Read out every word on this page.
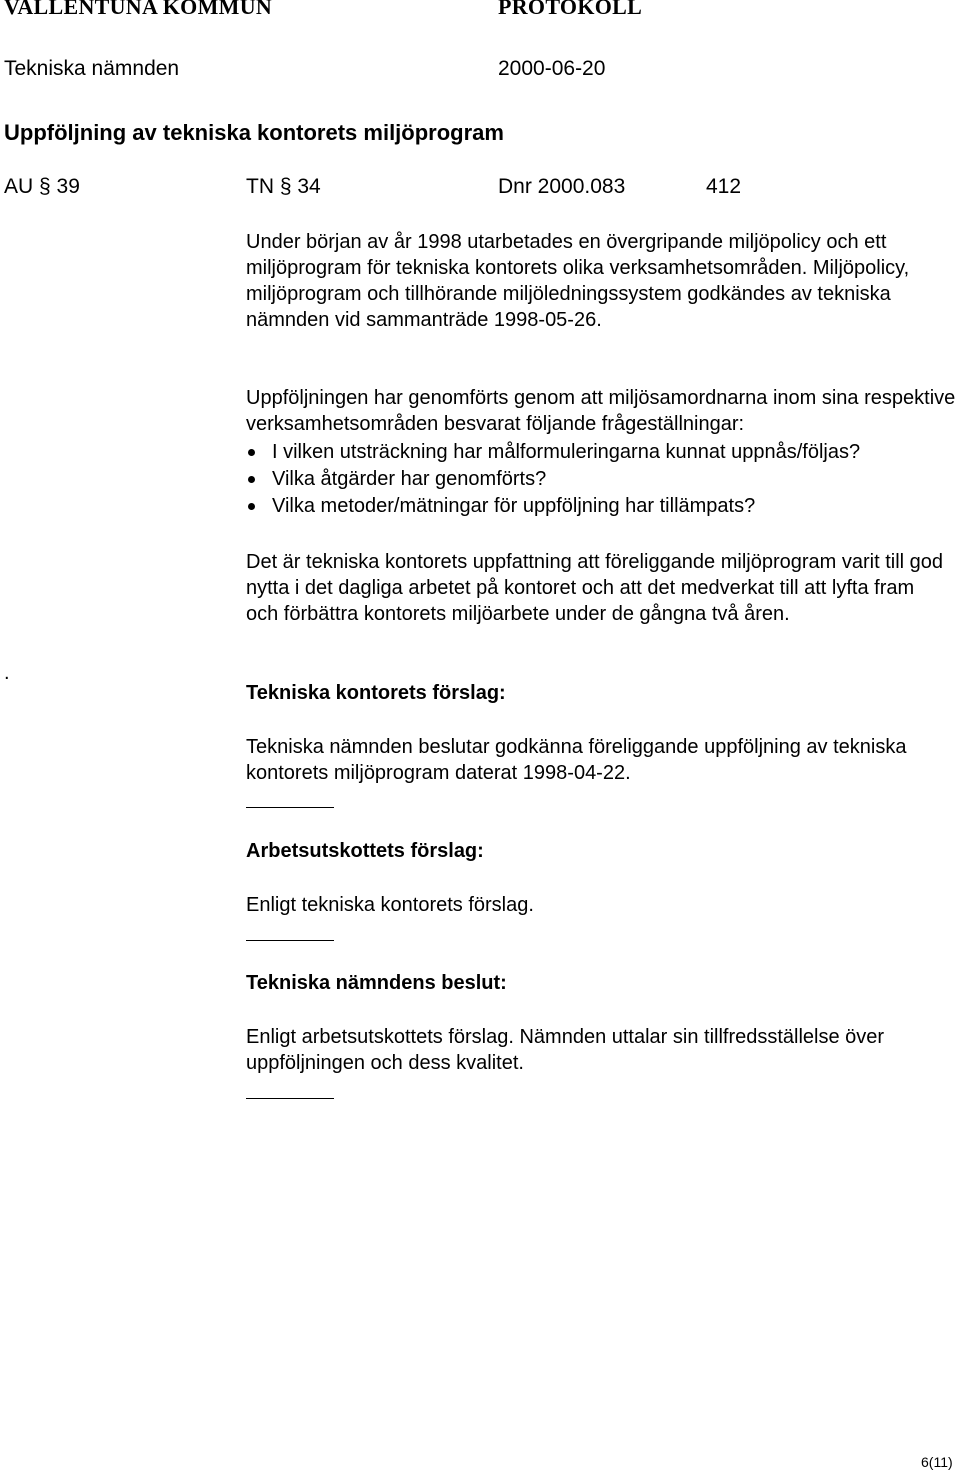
VALLENTUNA KOMMUN	PROTOKOLL
Tekniska nämnden	2000-06-20
Uppföljning av tekniska kontorets miljöprogram
AU § 39	TN § 34	Dnr 2000.083	412

Under början av år 1998 utarbetades en övergripande miljöpolicy och ett miljöprogram för tekniska kontorets olika verksamhetsområden. Miljöpolicy, miljöprogram och tillhörande miljöledningssystem godkändes av tekniska nämnden vid sammanträde 1998-05-26.

Uppföljningen har genomförts genom att miljösamordnarna inom sina respektive verksamhetsområden besvarat följande frågeställningar:

I vilken utsträckning har målformuleringarna kunnat uppnås/följas?
Vilka åtgärder har genomförts?
Vilka metoder/mätningar för uppföljning har tillämpats?

Det är tekniska kontorets uppfattning att föreliggande miljöprogram varit till god nytta i det dagliga arbetet på kontoret och att det medverkat till att lyfta fram och förbättra kontorets miljöarbete under de gångna två åren.

.
Tekniska kontorets förslag:

Tekniska nämnden beslutar godkänna föreliggande uppföljning av tekniska kontorets miljöprogram daterat 1998-04-22.

Arbetsutskottets förslag:
Enligt tekniska kontorets förslag.
Tekniska nämndens beslut:

Enligt arbetsutskottets förslag. Nämnden uttalar sin tillfredsställelse över uppföljningen och dess kvalitet.

6(11)
